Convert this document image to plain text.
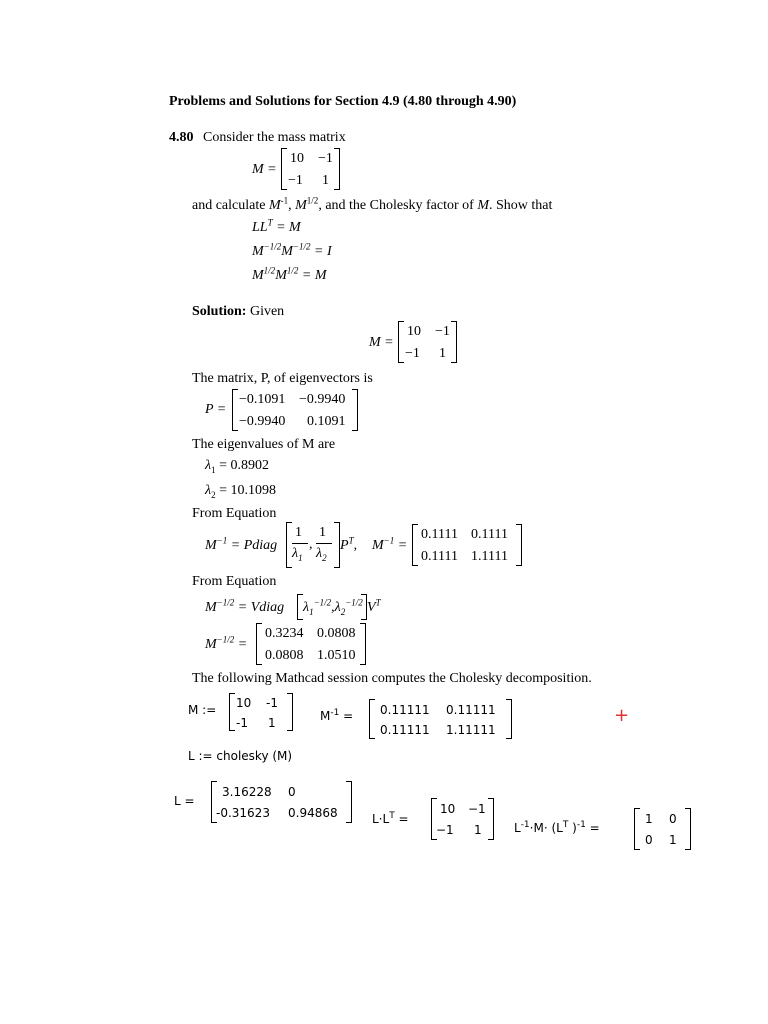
Problems and Solutions for Section 4.9 (4.80 through 4.90)
4.80 Consider the mass matrix
M =
10 −1
−1 1
and calculate $M^{-1}$, $M^{1/2}$, and the Cholesky factor of M. Show that
$LL^T = M$
$M^{-1/2}M^{-1/2} = I$
$M^{1/2}M^{1/2} = M$
Solution: Given
M =
10 −1
−1 1
The matrix, P, of eigenvectors is
P =
−0.1091 −0.9940
−0.9940 0.1091
The eigenvalues of M are
$\lambda_1 = 0.8902$
$\lambda_2 = 10.1098$
From Equation
$M^{-1}$ = Pdiag
1
$\lambda_1$
,
1
$\lambda_2$
$P^T$, $M^{-1}$ =
0.1111 0.1111
0.1111 1.1111
From Equation
$M^{-1/2}$ = Vdiag $\lambda_1^{-1/2},\lambda_2^{-1/2}$ $V^T$
$M^{-1/2}$ =
0.3234 0.0808
0.0808 1.0510
The following Mathcad session computes the Cholesky decomposition.
M := 10 -1
-1 1	$M^{-1} = 0.11111$ 0.11111
0.11111 1.11111
+
L := cholesky (M)
L =
3.16228 0
-0.31623 0.94868	$L\cdot L^T$ =
10 −1
−1 1	$L^{-1}\cdot M\cdot (L^T$ )$^{-1}$ =
1 0
0 1
